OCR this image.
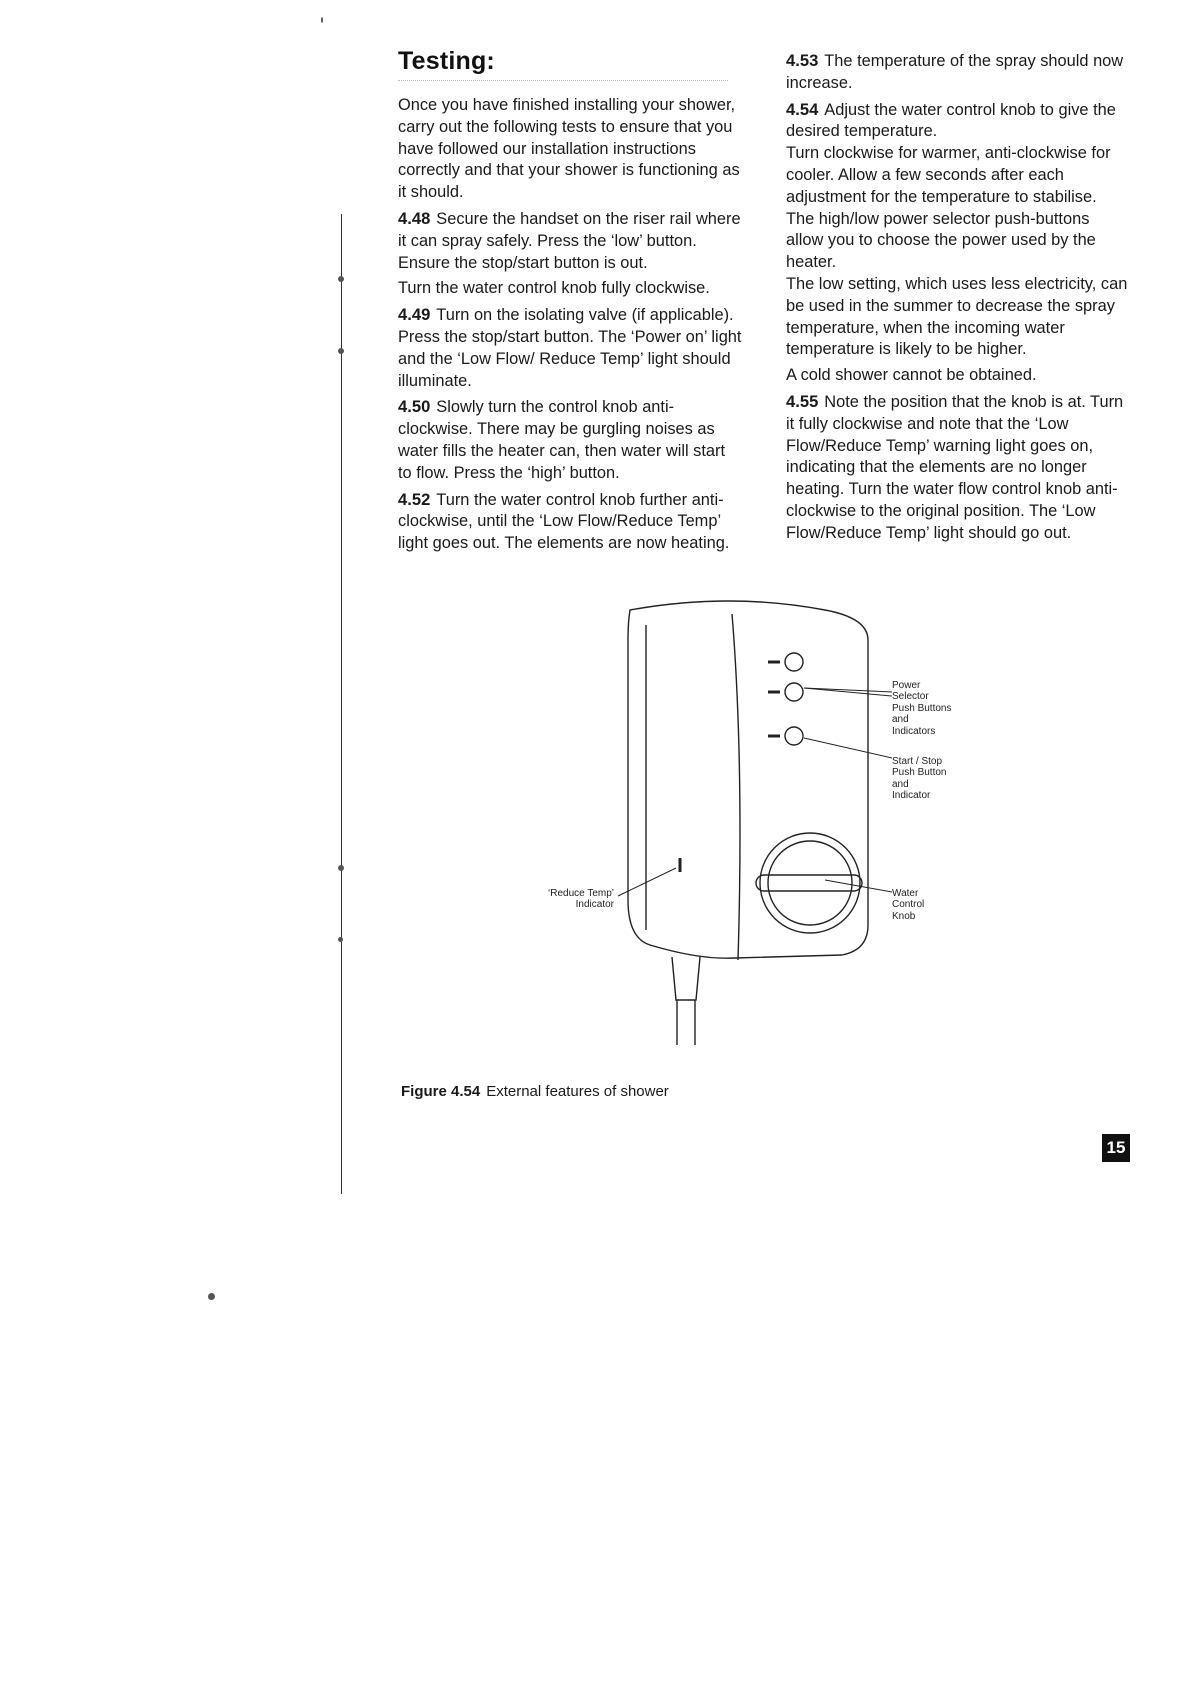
Testing:

Once you have finished installing your shower, carry out the following tests to ensure that you have followed our installation instructions correctly and that your shower is functioning as it should.

4.48 Secure the handset on the riser rail where it can spray safely. Press the ‘low’ button. Ensure the stop/start button is out.

Turn the water control knob fully clockwise.

4.49 Turn on the isolating valve (if applicable). Press the stop/start button. The ‘Power on’ light and the ‘Low Flow/ Reduce Temp’ light should illuminate.

4.50 Slowly turn the control knob anti-clockwise. There may be gurgling noises as water fills the heater can, then water will start to flow. Press the ‘high’ button.

4.52 Turn the water control knob further anti-clockwise, until the ‘Low Flow/Reduce Temp’ light goes out. The elements are now heating.

4.53 The temperature of the spray should now increase.

4.54 Adjust the water control knob to give the desired temperature.

Turn clockwise for warmer, anti-clockwise for cooler. Allow a few seconds after each adjustment for the temperature to stabilise.

The high/low power selector push-buttons allow you to choose the power used by the heater.

The low setting, which uses less electricity, can be used in the summer to decrease the spray temperature, when the incoming water temperature is likely to be higher.

A cold shower cannot be obtained.

4.55 Note the position that the knob is at. Turn it fully clockwise and note that the ‘Low Flow/Reduce Temp’ warning light goes on, indicating that the elements are no longer heating. Turn the water flow control knob anti-clockwise to the original position. The ‘Low Flow/Reduce Temp’ light should go out.

Power
Selector
Push Buttons
and
Indicators
Start / Stop
Push Button
and
Indicator
Water
Control
Knob
‘Reduce Temp’
Indicator
Figure 4.54 External features of shower
15
